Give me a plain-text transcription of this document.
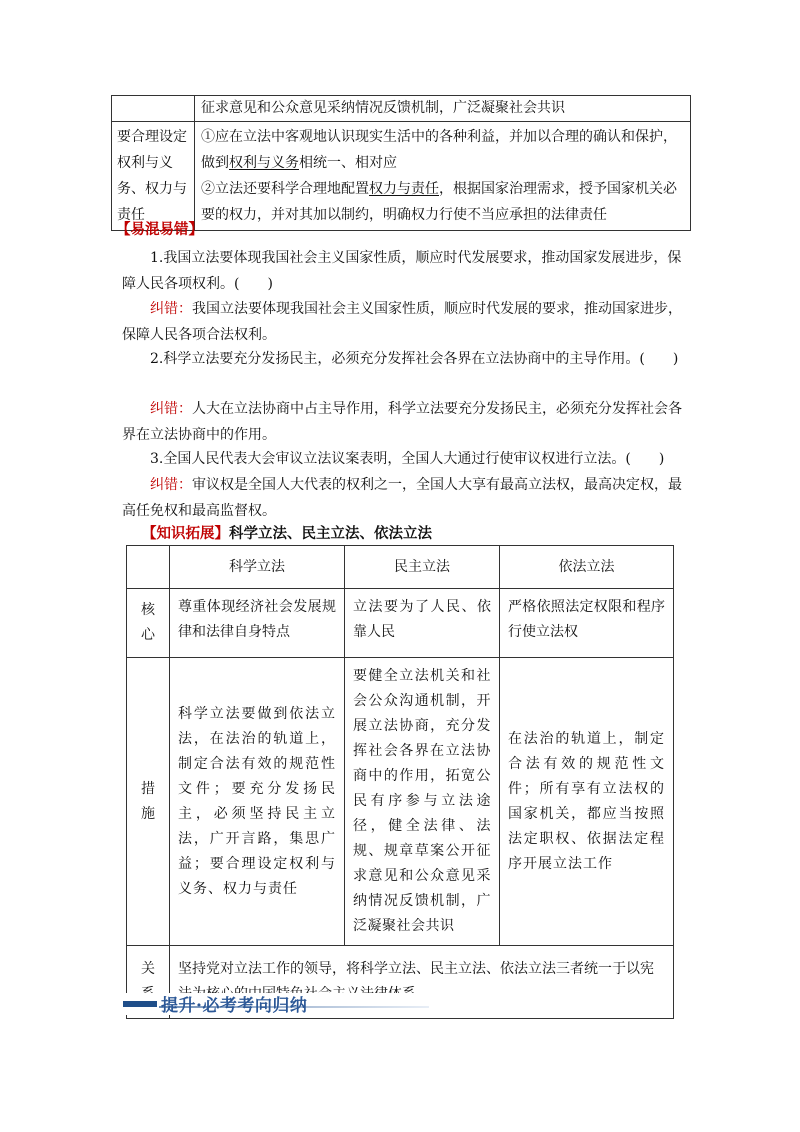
	征求意见和公众意见采纳情况反馈机制，广泛凝聚社会共识
要合理设定权利与义务、权力与责任	①应在立法中客观地认识现实生活中的各种利益，并加以合理的确认和保护，
做到权利与义务相统一、相对应
②立法还要科学合理地配置权力与责任，根据国家治理需求，授予国家机关必
要的权力，并对其加以制约，明确权力行使不当应承担的法律责任
【易混易错】
1.我国立法要体现我国社会主义国家性质，顺应时代发展要求，推动国家发展进步，保障人民各项权利。(　　)
纠错：我国立法要体现我国社会主义国家性质，顺应时代发展的要求，推动国家进步，保障人民各项合法权利。
2.科学立法要充分发扬民主，必须充分发挥社会各界在立法协商中的主导作用。(　　)
纠错：人大在立法协商中占主导作用，科学立法要充分发扬民主，必须充分发挥社会各界在立法协商中的作用。
3.全国人民代表大会审议立法议案表明，全国人大通过行使审议权进行立法。(　　)
纠错：审议权是全国人大代表的权利之一，全国人大享有最高立法权，最高决定权，最高任免权和最高监督权。
【知识拓展】科学立法、民主立法、依法立法
	科学立法	民主立法	依法立法

核心	尊重体现经济社会发展规律和法律自身特点	立法要为了人民、依靠人民	严格依照法定权限和程序行使立法权

措施	科学立法要做到依法立法，在法治的轨道上，制定合法有效的规范性文件；要充分发扬民主，必须坚持民主立法，广开言路，集思广益；要合理设定权利与义务、权力与责任	要健全立法机关和社会公众沟通机制，开展立法协商，充分发挥社会各界在立法协商中的作用，拓宽公民有序参与立法途径，健全法律、法规、规章草案公开征求意见和公众意见采纳情况反馈机制，广泛凝聚社会共识	在法治的轨道上，制定合法有效的规范性文件；所有享有立法权的国家机关，都应当按照法定职权、依据法定程序开展立法工作

关	坚持党对立法工作的领导，将科学立法、民主立法、依法立法三者统一于以宪		
提升·必考考向归纳
